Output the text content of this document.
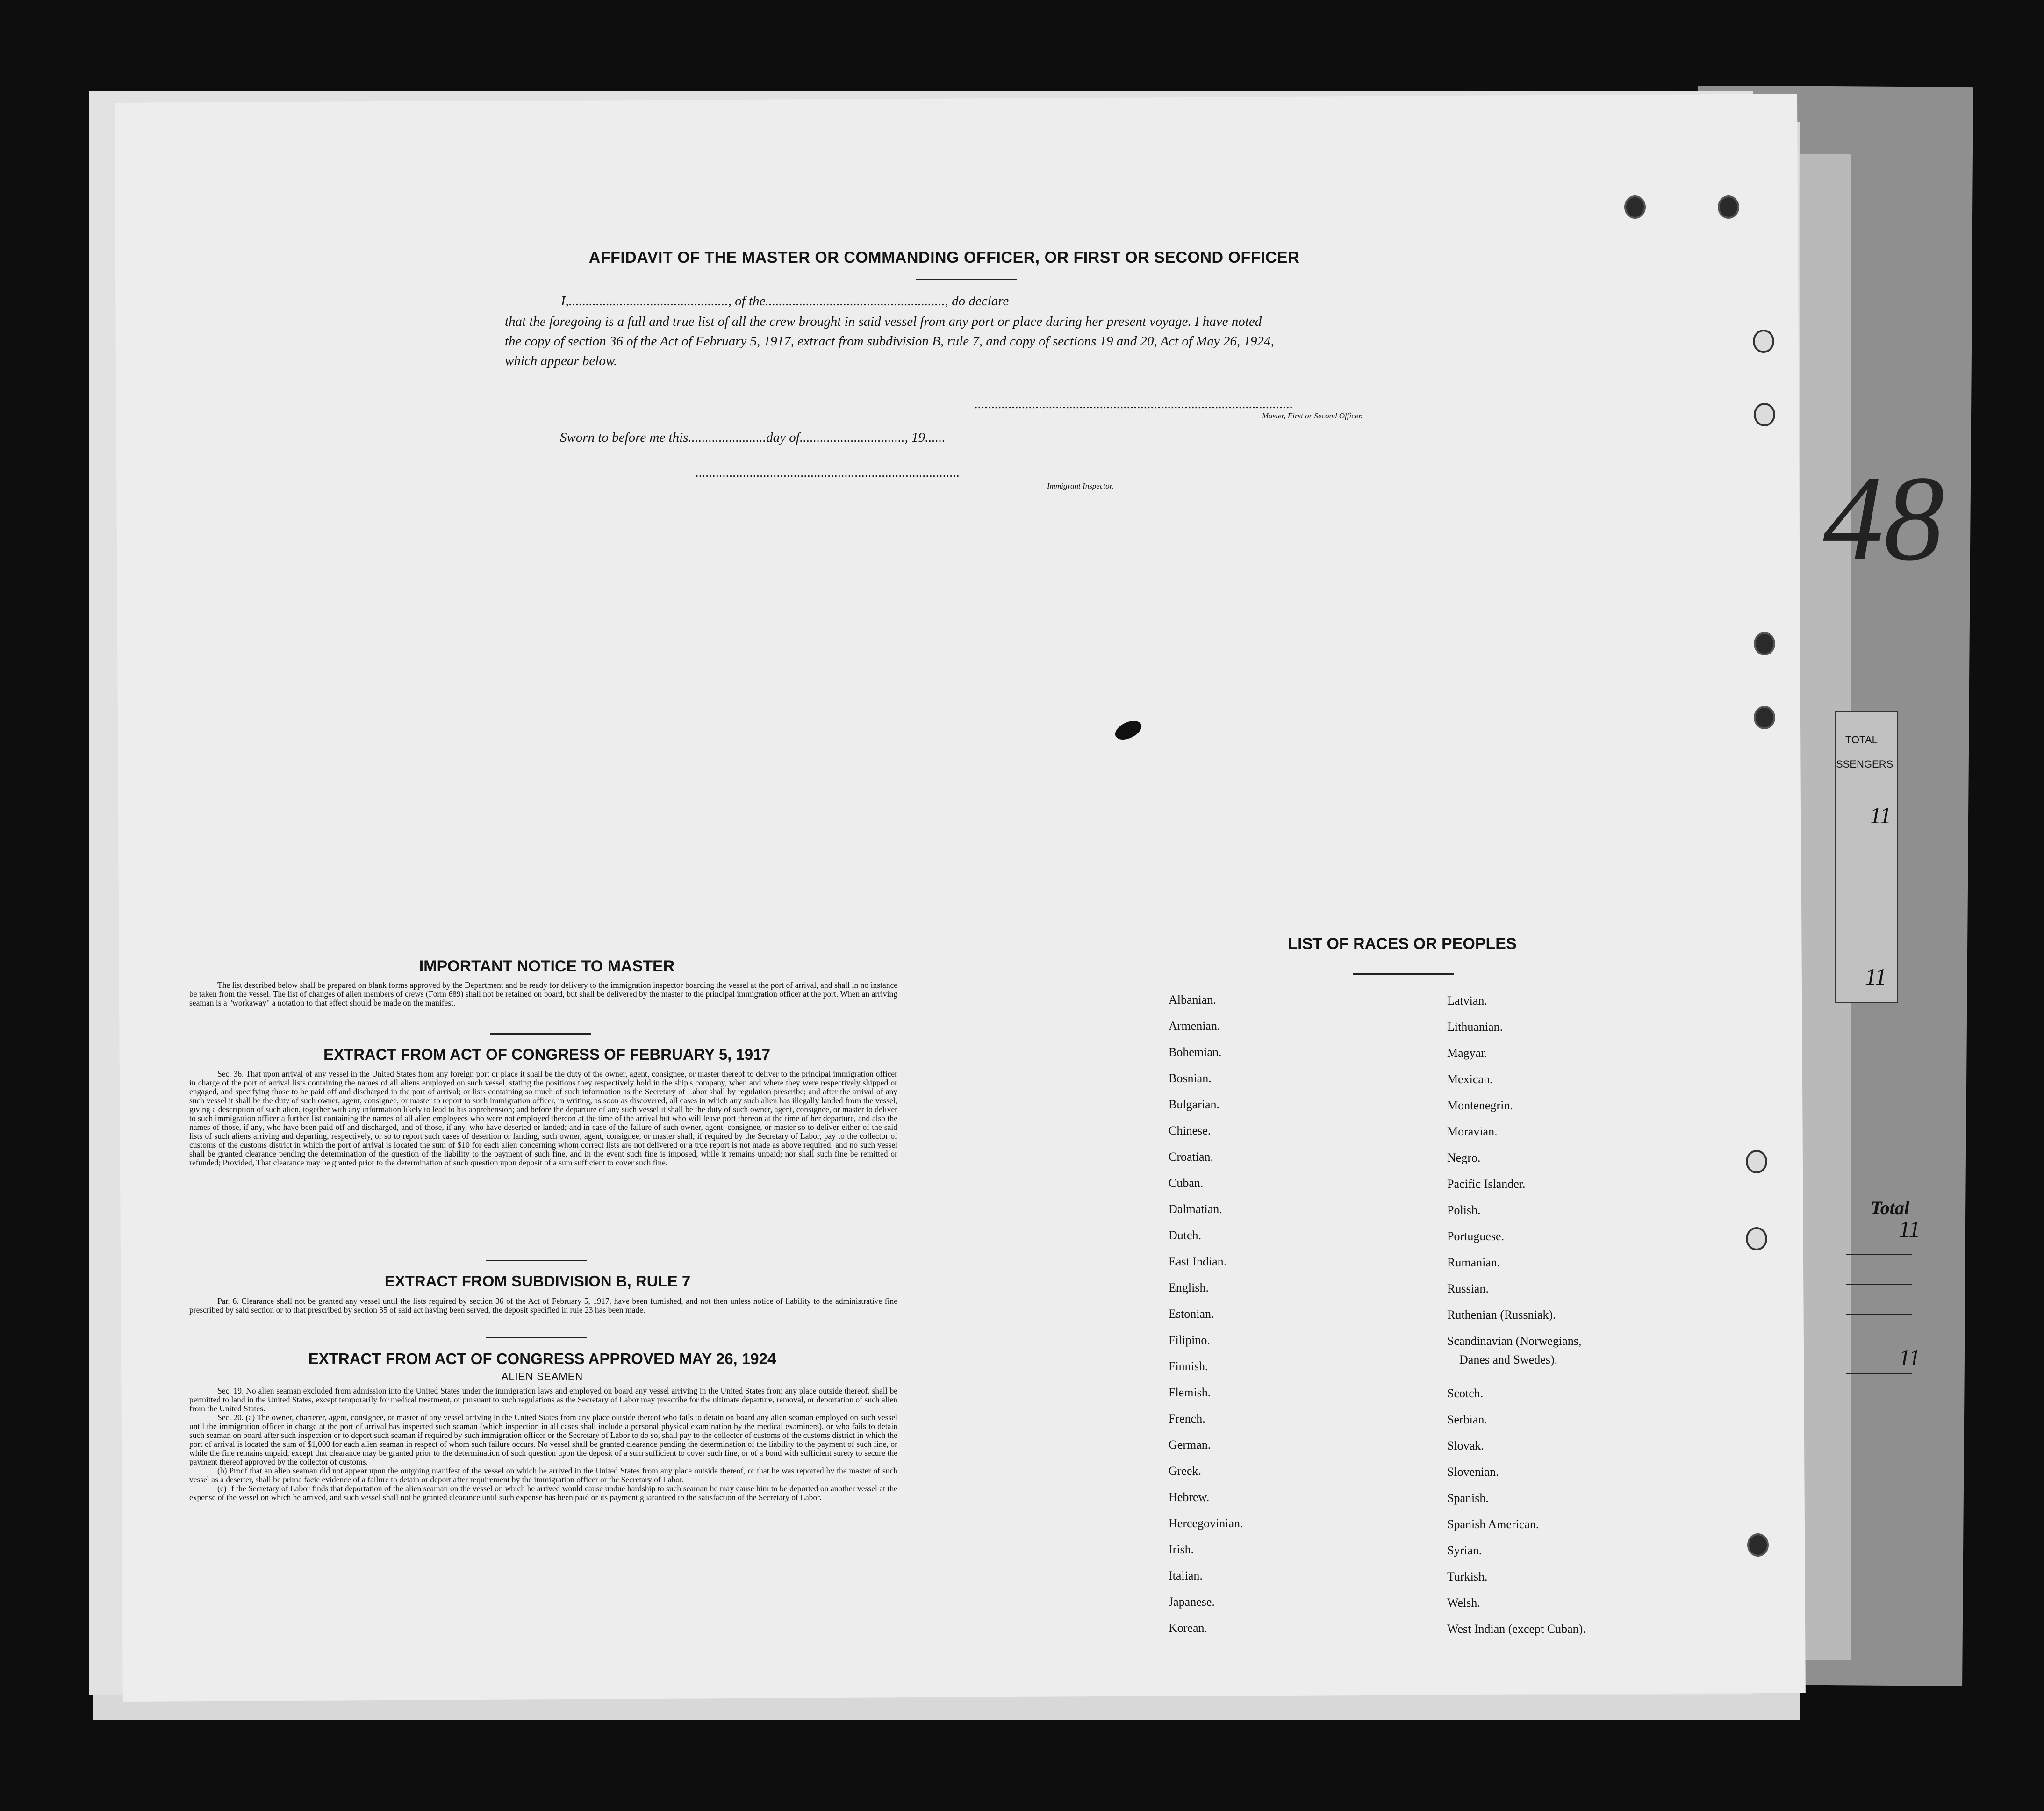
48
TOTAL
SSENGERS
11
11
Total
11
11
AFFIDAVIT OF THE MASTER OR COMMANDING OFFICER, OR FIRST OR SECOND OFFICER
I,..............................................., of the....................................................., do declare
that the foregoing is a full and true list of all the crew brought in said vessel from any port or place during her present voyage. I have noted
the copy of section 36 of the Act of February 5, 1917, extract from subdivision B, rule 7, and copy of sections 19 and 20, Act of May 26, 1924,
which appear below.
..............................................................................................
Master, First or Second Officer.
Sworn to before me this.......................day of..............................., 19......
..............................................................................
Immigrant Inspector.
IMPORTANT NOTICE TO MASTER
The list described below shall be prepared on blank forms approved by the Department and be ready for delivery to the immigration inspector boarding the vessel at the port of arrival, and shall in no instance be taken from the vessel. The list of changes of alien members of crews (Form 689) shall not be retained on board, but shall be delivered by the master to the principal immigration officer at the port. When an arriving seaman is a "workaway" a notation to that effect should be made on the manifest.
EXTRACT FROM ACT OF CONGRESS OF FEBRUARY 5, 1917
Sec. 36. That upon arrival of any vessel in the United States from any foreign port or place it shall be the duty of the owner, agent, consignee, or master thereof to deliver to the principal immigration officer in charge of the port of arrival lists containing the names of all aliens employed on such vessel, stating the positions they respectively hold in the ship's company, when and where they were respectively shipped or engaged, and specifying those to be paid off and discharged in the port of arrival; or lists containing so much of such information as the Secretary of Labor shall by regulation prescribe; and after the arrival of any such vessel it shall be the duty of such owner, agent, consignee, or master to report to such immigration officer, in writing, as soon as discovered, all cases in which any such alien has illegally landed from the vessel, giving a description of such alien, together with any information likely to lead to his apprehension; and before the departure of any such vessel it shall be the duty of such owner, agent, consignee, or master to deliver to such immigration officer a further list containing the names of all alien employees who were not employed thereon at the time of the arrival but who will leave port thereon at the time of her departure, and also the names of those, if any, who have been paid off and discharged, and of those, if any, who have deserted or landed; and in case of the failure of such owner, agent, consignee, or master so to deliver either of the said lists of such aliens arriving and departing, respectively, or so to report such cases of desertion or landing, such owner, agent, consignee, or master shall, if required by the Secretary of Labor, pay to the collector of customs of the customs district in which the port of arrival is located the sum of $10 for each alien concerning whom correct lists are not delivered or a true report is not made as above required; and no such vessel shall be granted clearance pending the determination of the question of the liability to the payment of such fine, and in the event such fine is imposed, while it remains unpaid; nor shall such fine be remitted or refunded; Provided, That clearance may be granted prior to the determination of such question upon deposit of a sum sufficient to cover such fine.
EXTRACT FROM SUBDIVISION B, RULE 7
Par. 6. Clearance shall not be granted any vessel until the lists required by section 36 of the Act of February 5, 1917, have been furnished, and not then unless notice of liability to the administrative fine prescribed by said section or to that prescribed by section 35 of said act having been served, the deposit specified in rule 23 has been made.
EXTRACT FROM ACT OF CONGRESS APPROVED MAY 26, 1924
ALIEN SEAMEN

Sec. 19. No alien seaman excluded from admission into the United States under the immigration laws and employed on board any vessel arriving in the United States from any place outside thereof, shall be permitted to land in the United States, except temporarily for medical treatment, or pursuant to such regulations as the Secretary of Labor may prescribe for the ultimate departure, removal, or deportation of such alien from the United States.

Sec. 20. (a) The owner, charterer, agent, consignee, or master of any vessel arriving in the United States from any place outside thereof who fails to detain on board any alien seaman employed on such vessel until the immigration officer in charge at the port of arrival has inspected such seaman (which inspection in all cases shall include a personal physical examination by the medical examiners), or who fails to detain such seaman on board after such inspection or to deport such seaman if required by such immigration officer or the Secretary of Labor to do so, shall pay to the collector of customs of the customs district in which the port of arrival is located the sum of $1,000 for each alien seaman in respect of whom such failure occurs. No vessel shall be granted clearance pending the determination of the liability to the payment of such fine, or while the fine remains unpaid, except that clearance may be granted prior to the determination of such question upon the deposit of a sum sufficient to cover such fine, or of a bond with sufficient surety to secure the payment thereof approved by the collector of customs.

(b) Proof that an alien seaman did not appear upon the outgoing manifest of the vessel on which he arrived in the United States from any place outside thereof, or that he was reported by the master of such vessel as a deserter, shall be prima facie evidence of a failure to detain or deport after requirement by the immigration officer or the Secretary of Labor.

(c) If the Secretary of Labor finds that deportation of the alien seaman on the vessel on which he arrived would cause undue hardship to such seaman he may cause him to be deported on another vessel at the expense of the vessel on which he arrived, and such vessel shall not be granted clearance until such expense has been paid or its payment guaranteed to the satisfaction of the Secretary of Labor.

LIST OF RACES OR PEOPLES
Albanian.
Armenian.
Bohemian.
Bosnian.
Bulgarian.
Chinese.
Croatian.
Cuban.
Dalmatian.
Dutch.
East Indian.
English.
Estonian.
Filipino.
Finnish.
Flemish.
French.
German.
Greek.
Hebrew.
Hercegovinian.
Irish.
Italian.
Japanese.
Korean.
Latvian.
Lithuanian.
Magyar.
Mexican.
Montenegrin.
Moravian.
Negro.
Pacific Islander.
Polish.
Portuguese.
Rumanian.
Russian.
Ruthenian (Russniak).
Scandinavian (Norwegians,
Danes and Swedes).
Scotch.
Serbian.
Slovak.
Slovenian.
Spanish.
Spanish American.
Syrian.
Turkish.
Welsh.
West Indian (except Cuban).
